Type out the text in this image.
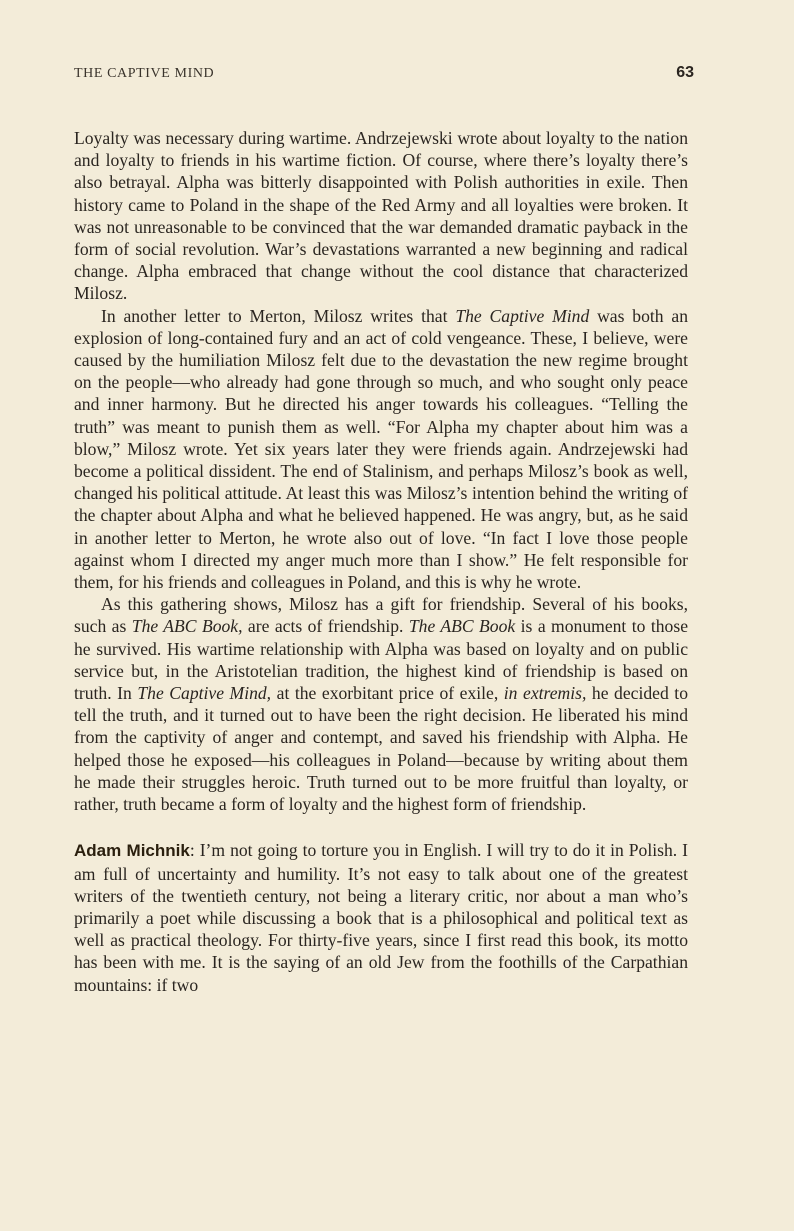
THE CAPTIVE MIND	63

Loyalty was necessary during wartime. Andrzejewski wrote about loyalty to the nation and loyalty to friends in his wartime fiction. Of course, where there’s loyalty there’s also betrayal. Alpha was bitterly disappointed with Polish authorities in exile. Then history came to Poland in the shape of the Red Army and all loyalties were broken. It was not unreasonable to be convinced that the war demanded dramatic payback in the form of social revolution. War’s devastations warranted a new beginning and radical change. Alpha embraced that change without the cool distance that characterized Milosz.

In another letter to Merton, Milosz writes that The Captive Mind was both an explosion of long-contained fury and an act of cold vengeance. These, I believe, were caused by the humiliation Milosz felt due to the devastation the new regime brought on the people—who already had gone through so much, and who sought only peace and inner harmony. But he directed his anger towards his colleagues. “Telling the truth” was meant to punish them as well. “For Alpha my chapter about him was a blow,” Milosz wrote. Yet six years later they were friends again. Andrzejewski had become a political dissident. The end of Stalinism, and perhaps Milosz’s book as well, changed his political attitude. At least this was Milosz’s intention behind the writing of the chapter about Alpha and what he believed happened. He was angry, but, as he said in another letter to Merton, he wrote also out of love. “In fact I love those people against whom I directed my anger much more than I show.” He felt responsible for them, for his friends and colleagues in Poland, and this is why he wrote.

As this gathering shows, Milosz has a gift for friendship. Several of his books, such as The ABC Book, are acts of friendship. The ABC Book is a monument to those he survived. His wartime relationship with Alpha was based on loyalty and on public service but, in the Aristotelian tradition, the highest kind of friendship is based on truth. In The Captive Mind, at the exorbitant price of exile, in extremis, he decided to tell the truth, and it turned out to have been the right decision. He liberated his mind from the captivity of anger and contempt, and saved his friendship with Alpha. He helped those he exposed—his colleagues in Poland—because by writing about them he made their struggles heroic. Truth turned out to be more fruitful than loyalty, or rather, truth became a form of loyalty and the highest form of friendship.

Adam Michnik: I’m not going to torture you in English. I will try to do it in Polish. I am full of uncertainty and humility. It’s not easy to talk about one of the greatest writers of the twentieth century, not being a literary critic, nor about a man who’s primarily a poet while discussing a book that is a philosophical and political text as well as practical theology. For thirty-five years, since I first read this book, its motto has been with me. It is the saying of an old Jew from the foothills of the Carpathian mountains: if two
